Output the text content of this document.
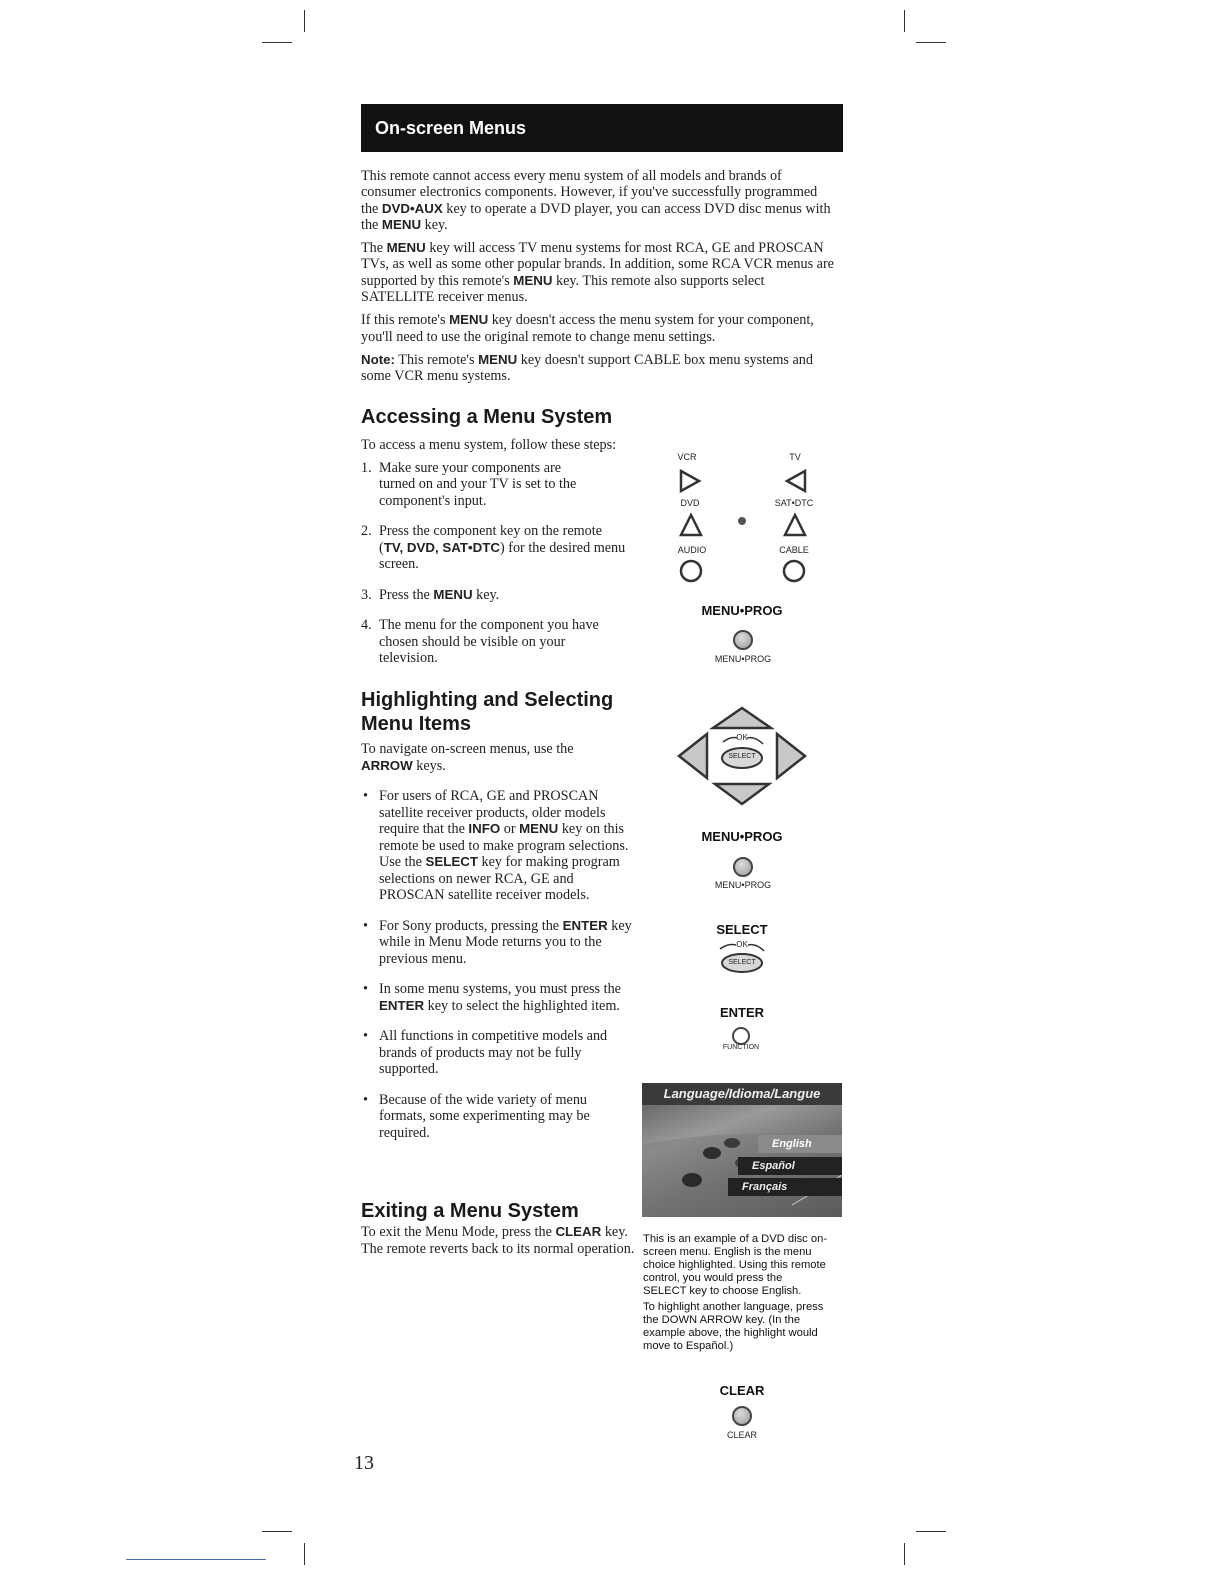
On-screen Menus

This remote cannot access every menu system of all models and brands of consumer electronics components. However, if you've successfully programmed the DVD•AUX key to operate a DVD player, you can access DVD disc menus with the MENU key.

The MENU key will access TV menu systems for most RCA, GE and PROSCAN TVs, as well as some other popular brands. In addition, some RCA VCR menus are supported by this remote's MENU key. This remote also supports select SATELLITE receiver menus.

If this remote's MENU key doesn't access the menu system for your component, you'll need to use the original remote to change menu settings.

Note: This remote's MENU key doesn't support CABLE box menu systems and some VCR menu systems.

Accessing a Menu System

To access a menu system, follow these steps:

1. Make sure your components are turned on and your TV is set to the component's input.

2. Press the component key on the remote (TV, DVD, SAT•DTC) for the desired menu screen.

3. Press the MENU key.

4. The menu for the component you have chosen should be visible on your television.

Highlighting and Selecting
Menu Items

To navigate on-screen menus, use the ARROW keys.

• For users of RCA, GE and PROSCAN satellite receiver products, older models require that the INFO or MENU key on this remote be used to make program selections. Use the SELECT key for making program selections on newer RCA, GE and PROSCAN satellite receiver models.

• For Sony products, pressing the ENTER key while in Menu Mode returns you to the previous menu.

• In some menu systems, you must press the ENTER key to select the highlighted item.

• All functions in competitive models and brands of products may not be fully supported.

• Because of the wide variety of menu formats, some experimenting may be required.

Exiting a Menu System

To exit the Menu Mode, press the CLEAR key. The remote reverts back to its normal operation.

VCR	TV
DVD	SAT•DTC
AUDIO	CABLE
MENU•PROG
MENU•PROG
OK
SELECT
MENU•PROG
MENU•PROG
SELECT
OK
SELECT
ENTER
FUNCTION
Language/Idioma/Langue
English
Español
Français

This is an example of a DVD disc on-screen menu. English is the menu choice highlighted. Using this remote control, you would press the SELECT key to choose English.

To highlight another language, press the DOWN ARROW key. (In the example above, the highlight would move to Español.)

CLEAR
CLEAR
13
